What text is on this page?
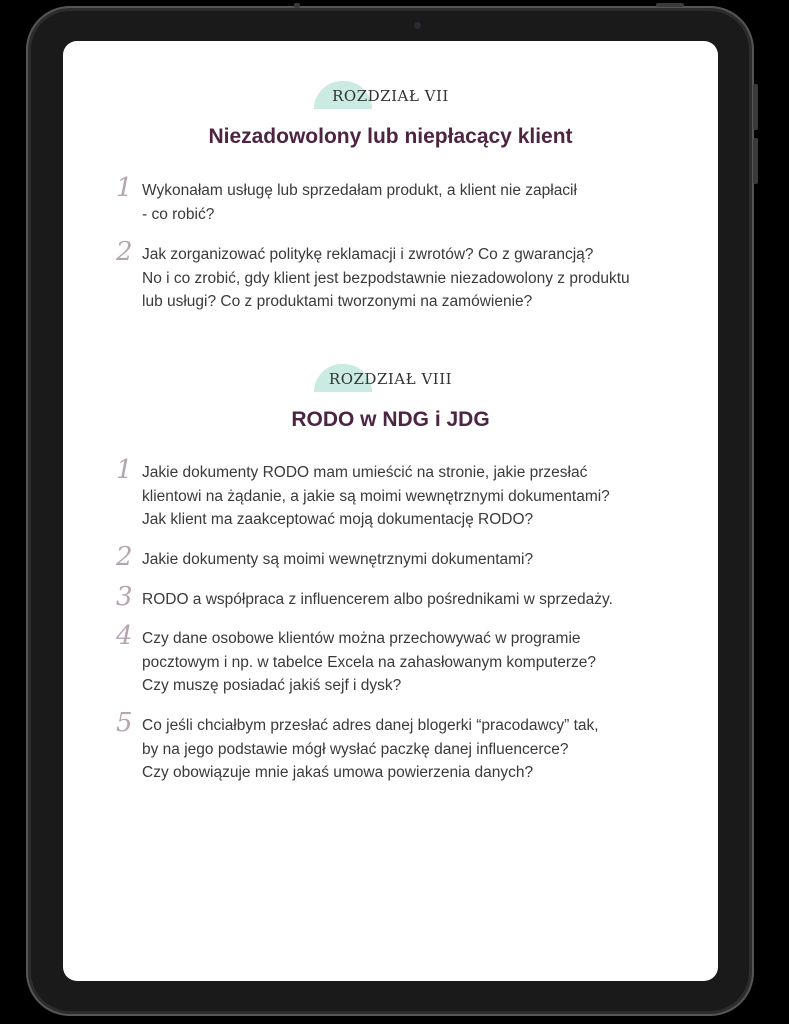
ROZDZIAŁ VII
Niezadowolony lub niepłacący klient
1 Wykonałam usługę lub sprzedałam produkt, a klient nie zapłacił
- co robić?
2 Jak zorganizować politykę reklamacji i zwrotów? Co z gwarancją?
No i co zrobić, gdy klient jest bezpodstawnie niezadowolony z produktu
lub usługi? Co z produktami tworzonymi na zamówienie?
ROZDZIAŁ VIII
RODO w NDG i JDG
1 Jakie dokumenty RODO mam umieścić na stronie, jakie przesłać
klientowi na żądanie, a jakie są moimi wewnętrznymi dokumentami?
Jak klient ma zaakceptować moją dokumentację RODO?
2 Jakie dokumenty są moimi wewnętrznymi dokumentami?
3 RODO a współpraca z influencerem albo pośrednikami w sprzedaży.
4 Czy dane osobowe klientów można przechowywać w programie
pocztowym i np. w tabelce Excela na zahasłowanym komputerze?
Czy muszę posiadać jakiś sejf i dysk?
5 Co jeśli chciałbym przesłać adres danej blogerki “pracodawcy” tak,
by na jego podstawie mógł wysłać paczkę danej influencerce?
Czy obowiązuje mnie jakaś umowa powierzenia danych?
